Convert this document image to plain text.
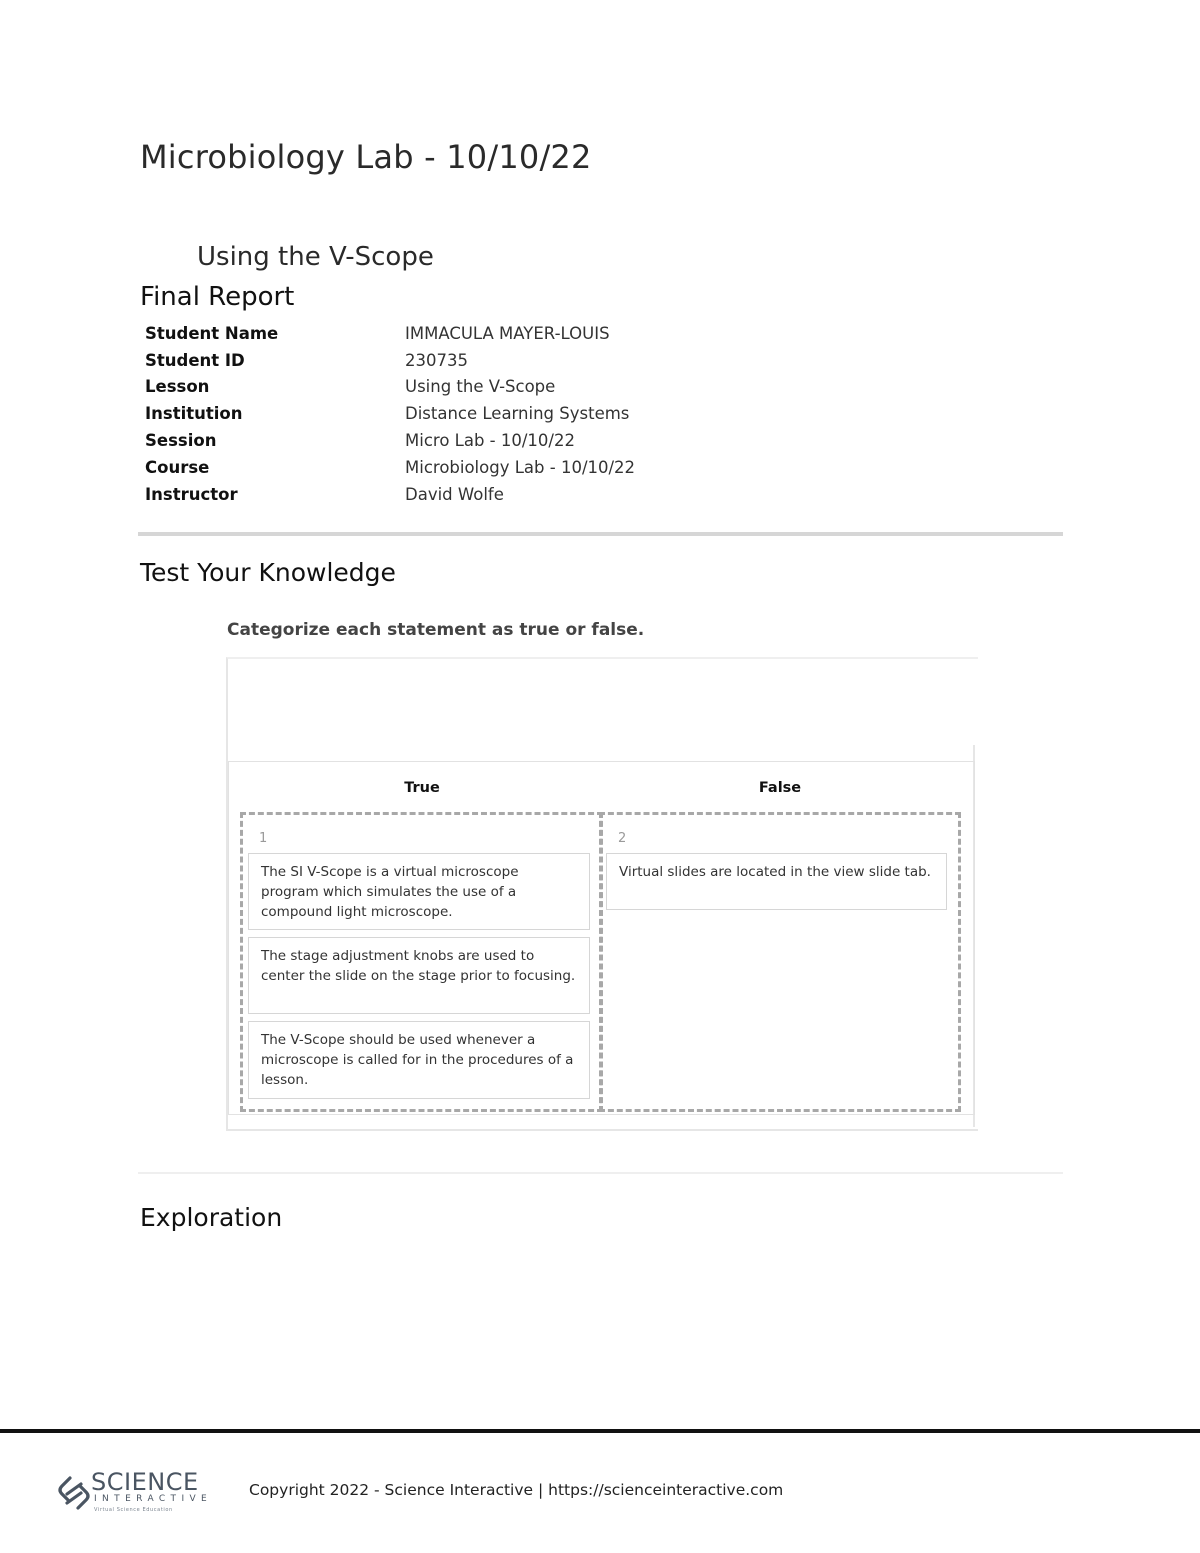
Microbiology Lab - 10/10/22
Using the V-Scope
Final Report
Student Name	IMMACULA MAYER-LOUIS
Student ID	230735
Lesson	Using the V-Scope
Institution	Distance Learning Systems
Session	Micro Lab - 10/10/22
Course	Microbiology Lab - 10/10/22
Instructor	David Wolfe
Test Your Knowledge
Categorize each statement as true or false.
True	False
1	2
The SI V-Scope is a virtual microscope program which simulates the use of a compound light microscope.
The stage adjustment knobs are used to center the slide on the stage prior to focusing.
The V-Scope should be used whenever a microscope is called for in the procedures of a lesson.
Virtual slides are located in the view slide tab.
Exploration
SCIENCE
INTERACTIVE
Virtual Science Education
Copyright 2022 - Science Interactive | https://scienceinteractive.com
